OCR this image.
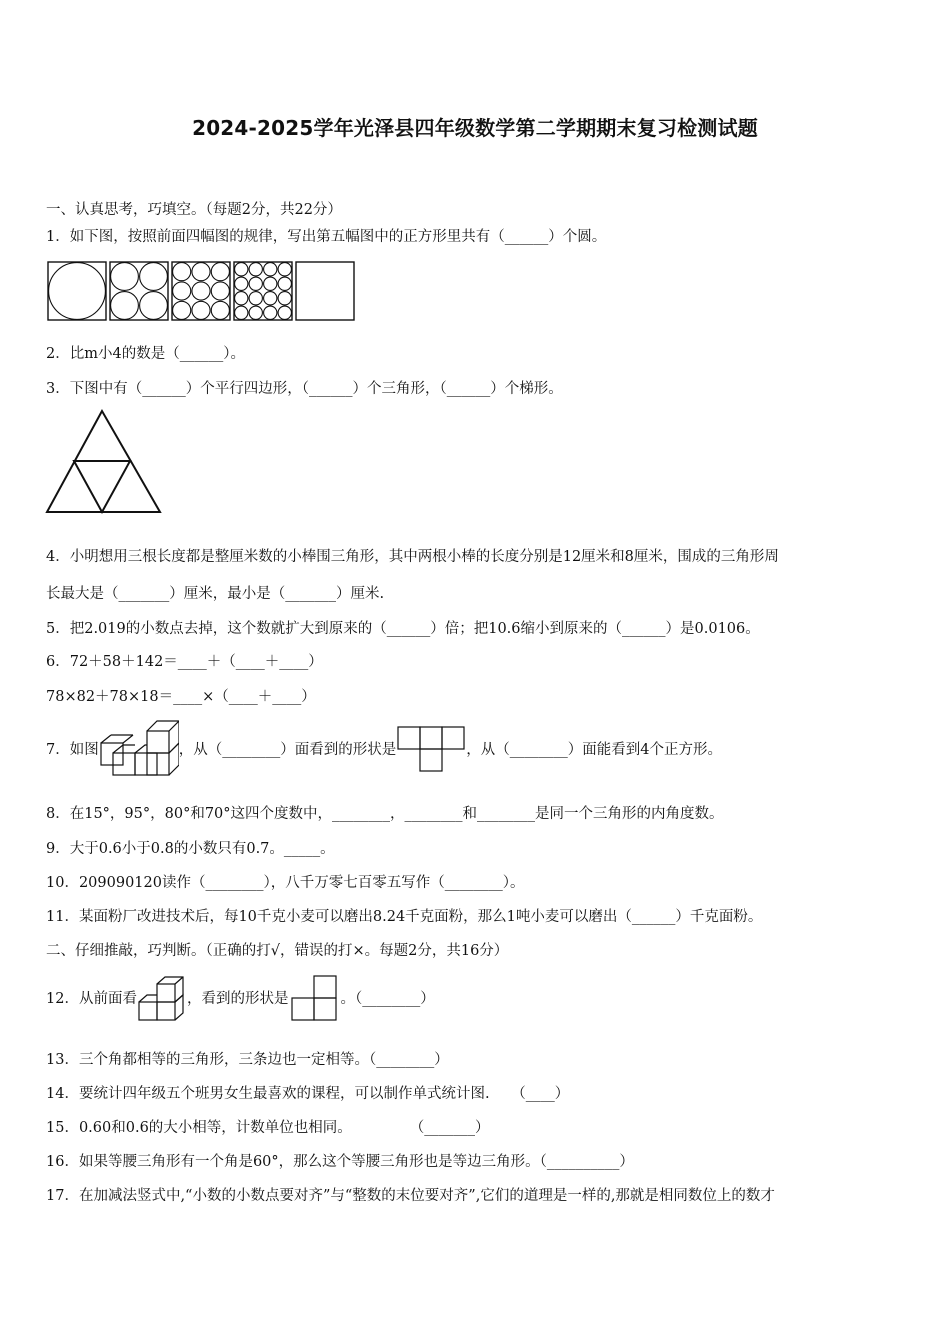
2024-2025学年光泽县四年级数学第二学期期末复习检测试题
一、认真思考，巧填空。（每题2分，共22分）
1．如下图，按照前面四幅图的规律，写出第五幅图中的正方形里共有（______）个圆。
2．比m小4的数是（______）。
3．下图中有（______）个平行四边形，（______）个三角形，（______）个梯形。
4．小明想用三根长度都是整厘米数的小棒围三角形，其中两根小棒的长度分别是12厘米和8厘米，围成的三角形周
长最大是（_______）厘米，最小是（_______）厘米.
5．把2.019的小数点去掉，这个数就扩大到原来的（______）倍；把10.6缩小到原来的（______）是0.0106。
6．72＋58＋142＝____＋（____＋____）
78×82＋78×18＝____×（____＋____）
7．如图	，从（________）面看到的形状是	，从（________）面能看到4个正方形。
8．在15°，95°，80°和70°这四个度数中，________，________和________是同一个三角形的内角度数。
9．大于0.6小于0.8的小数只有0.7。_____。
10．209090120读作（________），八千万零七百零五写作（________）。
11．某面粉厂改进技术后，每10千克小麦可以磨出8.24千克面粉，那么1吨小麦可以磨出（______）千克面粉。
二、仔细推敲，巧判断。（正确的打√，错误的打×。每题2分，共16分）
12．从前面看	，看到的形状是	。（________）
13．三个角都相等的三角形，三条边也一定相等。（________）
14．要统计四年级五个班男女生最喜欢的课程，可以制作单式统计图.　　（____）
15．0.60和0.6的大小相等，计数单位也相同。　　　　　（_______）
16．如果等腰三角形有一个角是60°，那么这个等腰三角形也是等边三角形。（__________）
17．在加减法竖式中,“小数的小数点要对齐”与“整数的末位要对齐”,它们的道理是一样的,那就是相同数位上的数才
